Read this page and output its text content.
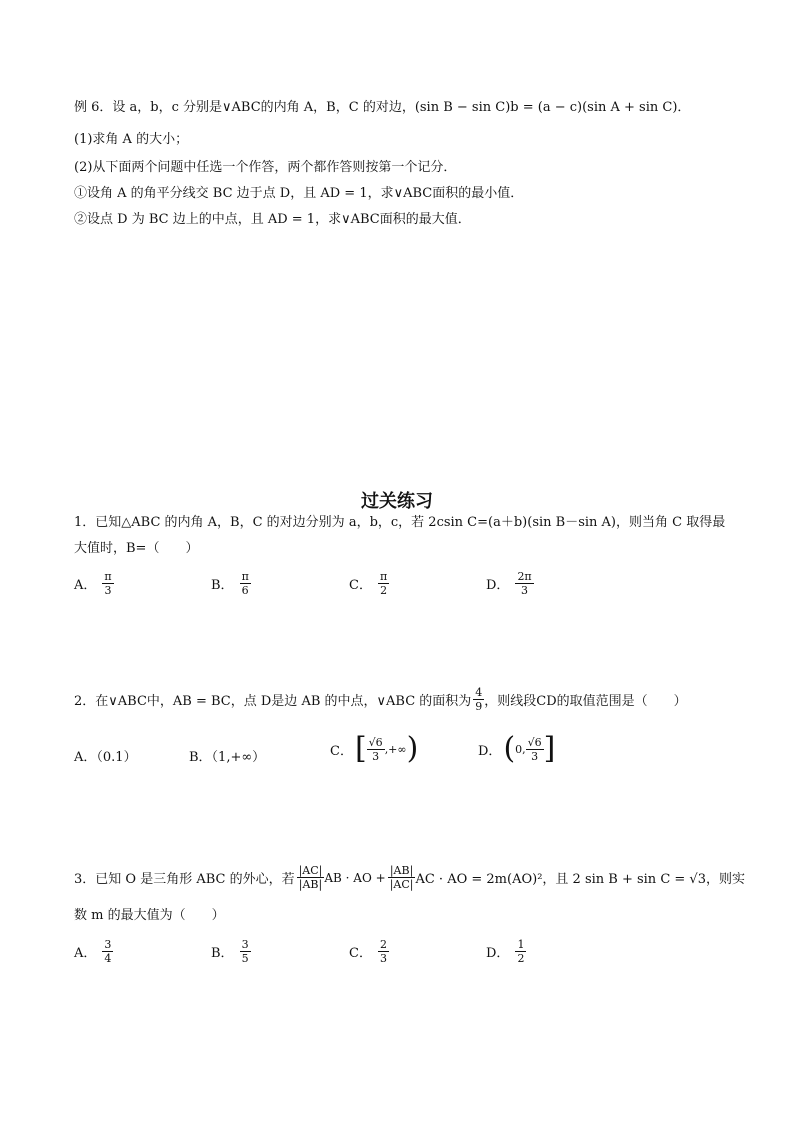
例 6．设 a，b，c 分别是∨ABC的内角 A，B，C 的对边，(sin B − sin C)b = (a − c)(sin A + sin C)．
(1)求角 A 的大小；
(2)从下面两个问题中任选一个作答，两个都作答则按第一个记分．
①设角 A 的角平分线交 BC 边于点 D，且 AD = 1，求∨ABC面积的最小值．
②设点 D 为 BC 边上的中点，且 AD = 1，求∨ABC面积的最大值．
过关练习
1．已知△ABC 的内角 A，B，C 的对边分别为 a，b，c，若 2csin C=(a＋b)(sin B－sin A)，则当角 C 取得最
大值时，B=（　　）
A． $\frac{\pi}{3}$	B． $\frac{\pi}{6}$	C． $\frac{\pi}{2}$	D． $\frac{2\pi}{3}$
2．在∨ABC中，AB = BC，点 D是边 AB 的中点，∨ABC 的面积为 $\frac{4}{9}$ ，则线段CD的取值范围是（　　）
A．（0.1）	B．（1,+∞）	C． [ $\frac{√6}{3}$ ,+∞ )	D． ( 0, $\frac{√6}{3}$ ]
3．已知 O 是三角形 ABC 的外心，若 $\frac{|AC|}{|AB|}$ AB · AO + $\frac{|AB|}{|AC|}$ AC · AO = 2m(AO)²，且 2 sin B + sin C = √3，则实
数 m 的最大值为（　　）
A． $\frac{3}{4}$	B． $\frac{3}{5}$	C． $\frac{2}{3}$	D． $\frac{1}{2}$
